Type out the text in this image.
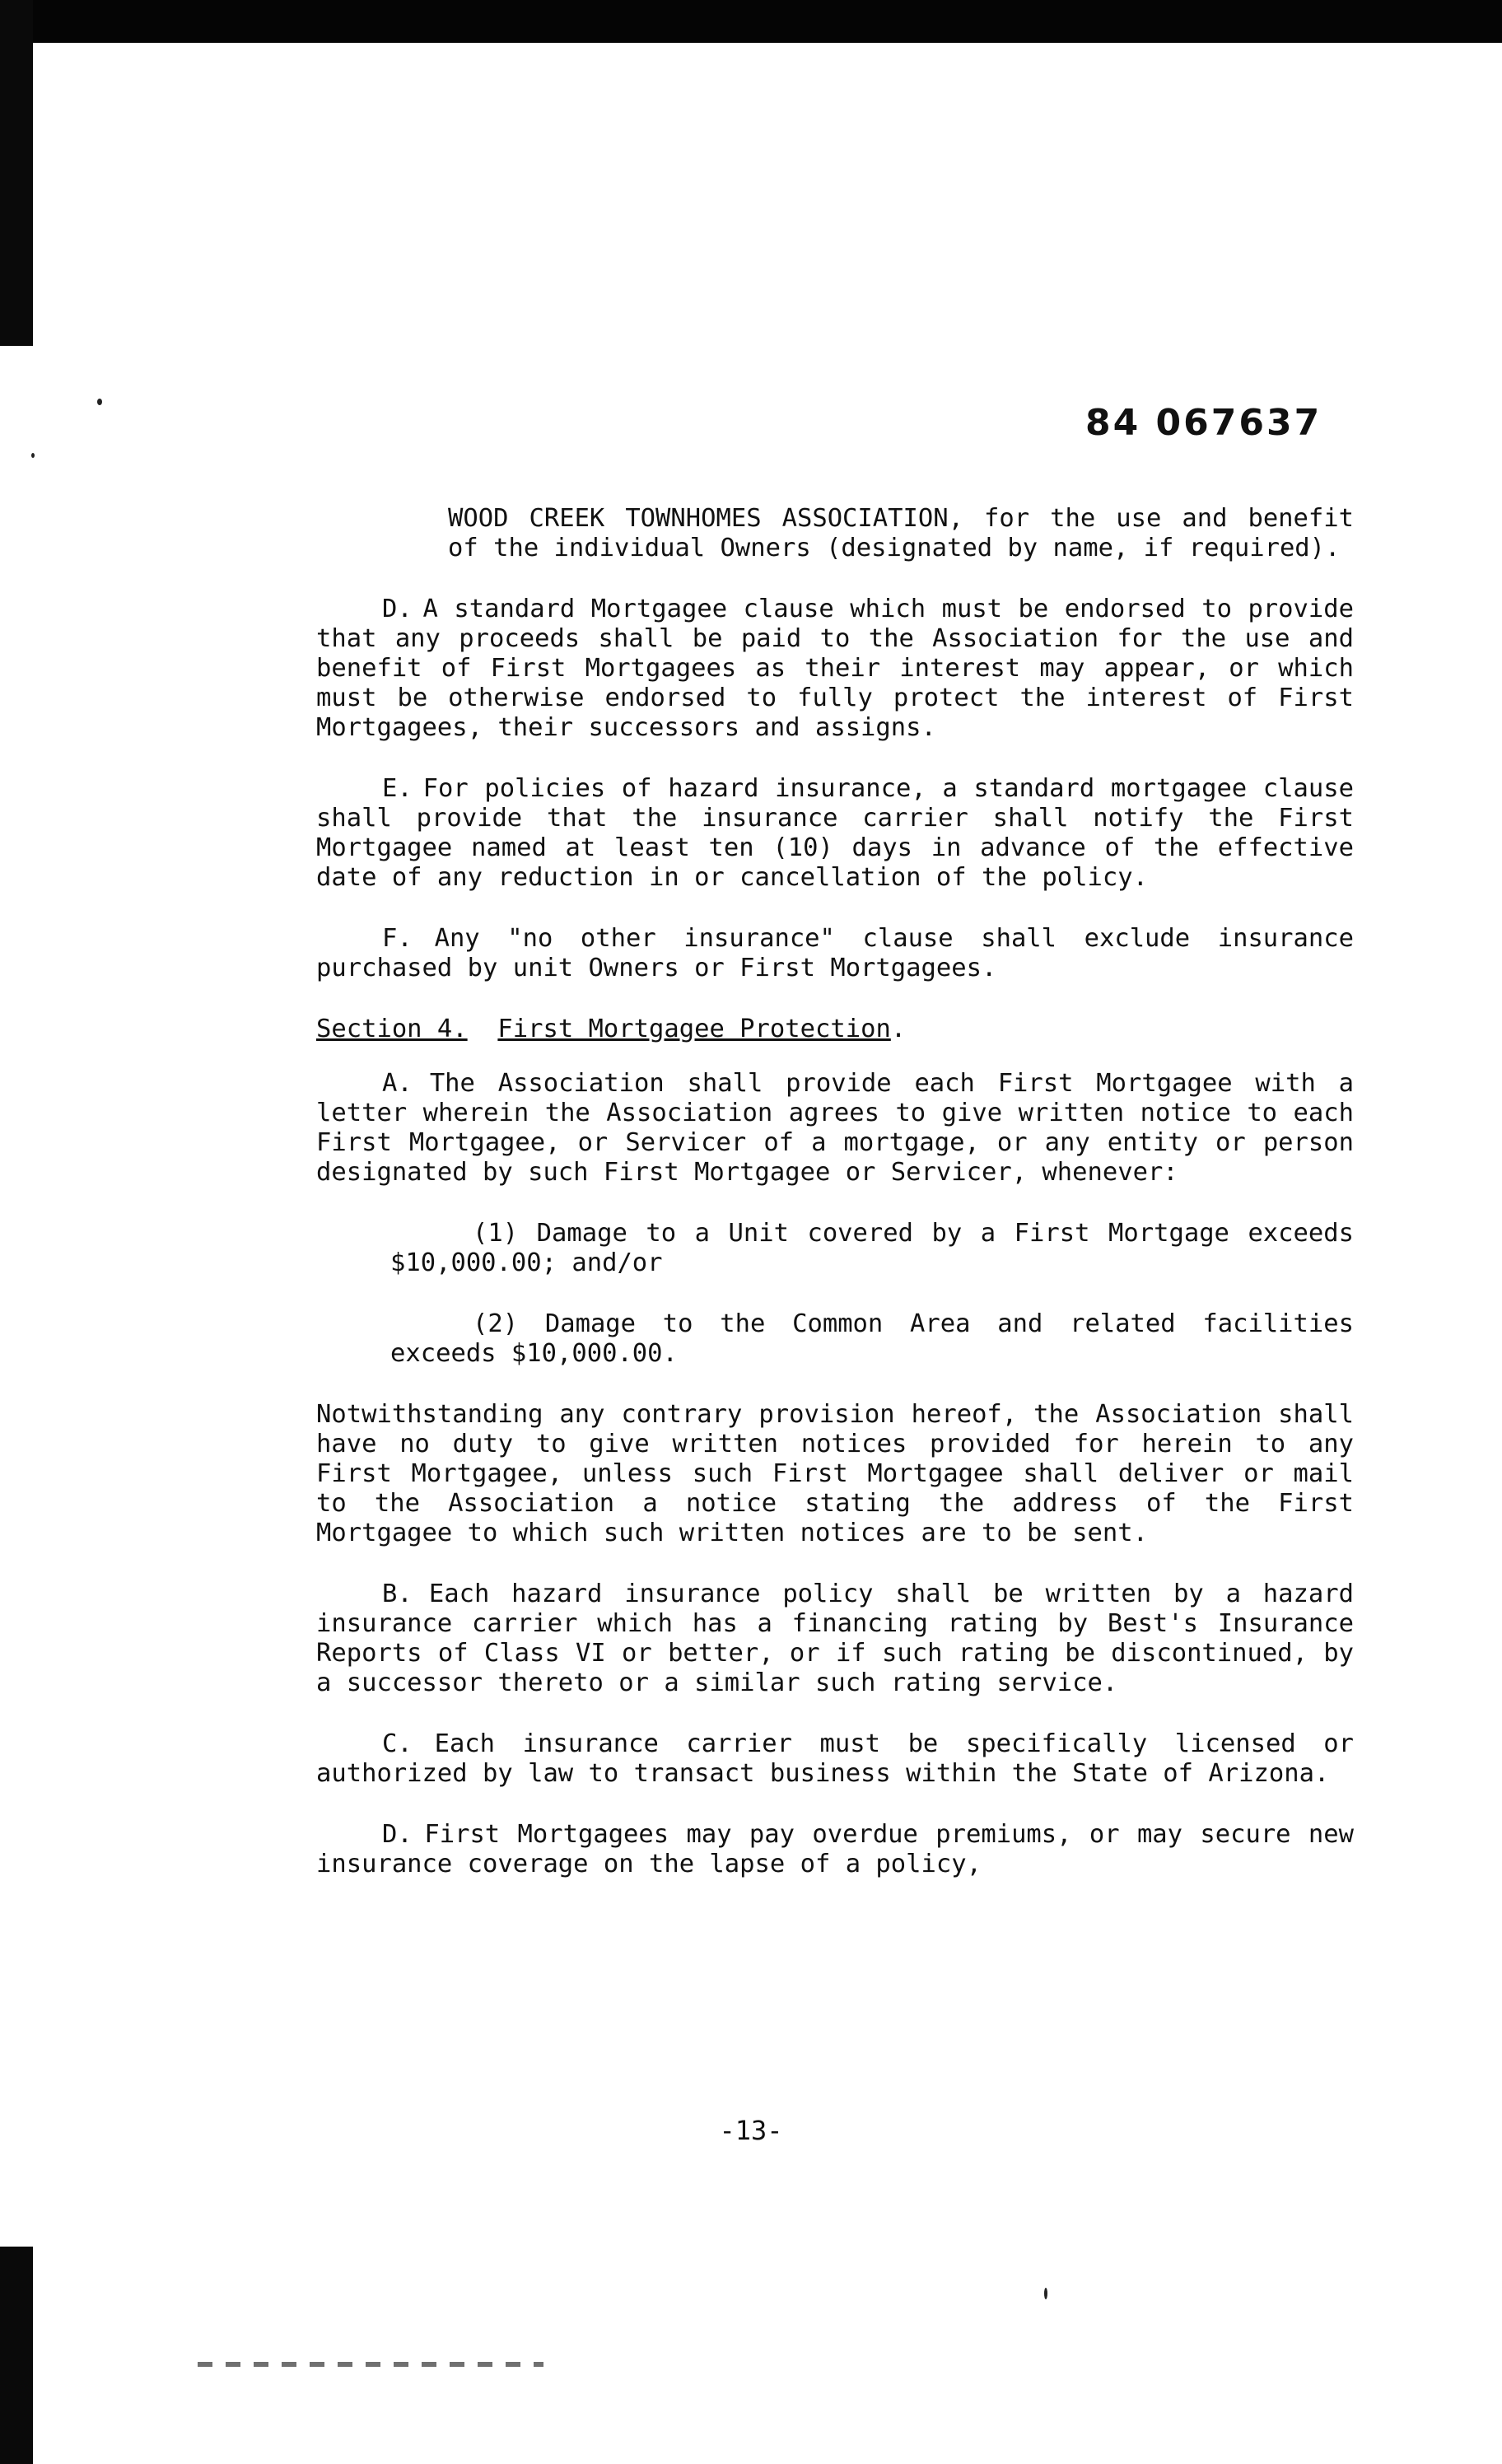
84 067637
WOOD CREEK TOWNHOMES ASSOCIATION, for the use and benefit of the individual Owners (designated by name, if required).
D. A standard Mortgagee clause which must be endorsed to provide that any proceeds shall be paid to the Association for the use and benefit of First Mortgagees as their interest may appear, or which must be otherwise endorsed to fully protect the interest of First Mortgagees, their successors and assigns.
E. For policies of hazard insurance, a standard mortgagee clause shall provide that the insurance carrier shall notify the First Mortgagee named at least ten (10) days in advance of the effective date of any reduction in or cancellation of the policy.
F. Any "no other insurance" clause shall exclude insurance purchased by unit Owners or First Mortgagees.
Section 4. First Mortgagee Protection.
A. The Association shall provide each First Mortgagee with a letter wherein the Association agrees to give written notice to each First Mortgagee, or Servicer of a mortgage, or any entity or person designated by such First Mortgagee or Servicer, whenever:
(1) Damage to a Unit covered by a First Mortgage exceeds $10,000.00; and/or
(2) Damage to the Common Area and related facilities exceeds $10,000.00.
Notwithstanding any contrary provision hereof, the Association shall have no duty to give written notices provided for herein to any First Mortgagee, unless such First Mortgagee shall deliver or mail to the Association a notice stating the address of the First Mortgagee to which such written notices are to be sent.
B. Each hazard insurance policy shall be written by a hazard insurance carrier which has a financing rating by Best's Insurance Reports of Class VI or better, or if such rating be discontinued, by a successor thereto or a similar such rating service.
C. Each insurance carrier must be specifically licensed or authorized by law to transact business within the State of Arizona.
D. First Mortgagees may pay overdue premiums, or may secure new insurance coverage on the lapse of a policy,
-13-
